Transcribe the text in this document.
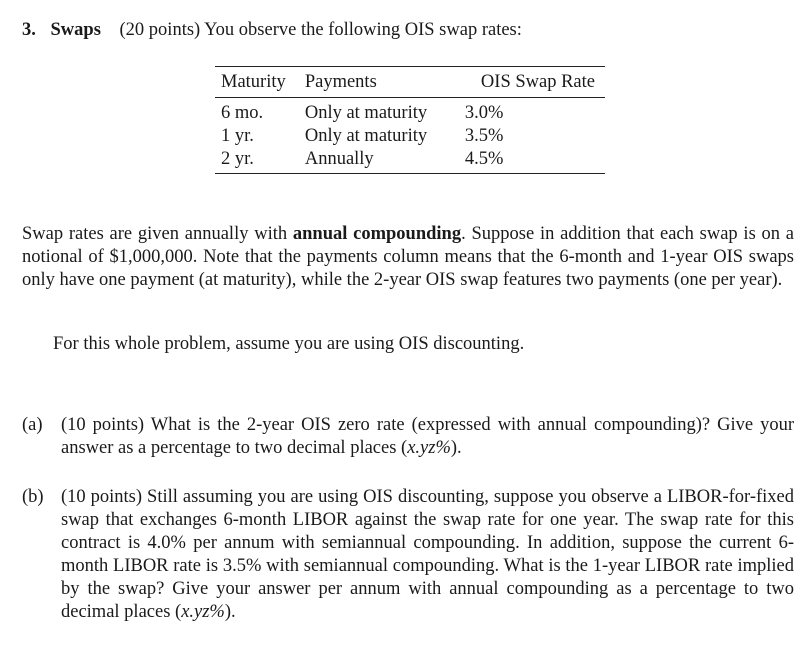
3. Swaps (20 points) You observe the following OIS swap rates:
Maturity	Payments	OIS Swap Rate
6 mo.	Only at maturity	3.0%
1 yr.	Only at maturity	3.5%
2 yr.	Annually	4.5%
Swap rates are given annually with annual compounding. Suppose in addition that each swap is on a notional of $1,000,000. Note that the payments column means that the 6-month and 1-year OIS swaps only have one payment (at maturity), while the 2-year OIS swap features two payments (one per year).
For this whole problem, assume you are using OIS discounting.
(a) (10 points) What is the 2-year OIS zero rate (expressed with annual compounding)? Give your answer as a percentage to two decimal places (x.yz%).
(b) (10 points) Still assuming you are using OIS discounting, suppose you observe a LIBOR-for-fixed swap that exchanges 6-month LIBOR against the swap rate for one year. The swap rate for this contract is 4.0% per annum with semiannual compounding. In addition, suppose the current 6-month LIBOR rate is 3.5% with semiannual compounding. What is the 1-year LIBOR rate implied by the swap? Give your answer per annum with annual compounding as a percentage to two decimal places (x.yz%).
